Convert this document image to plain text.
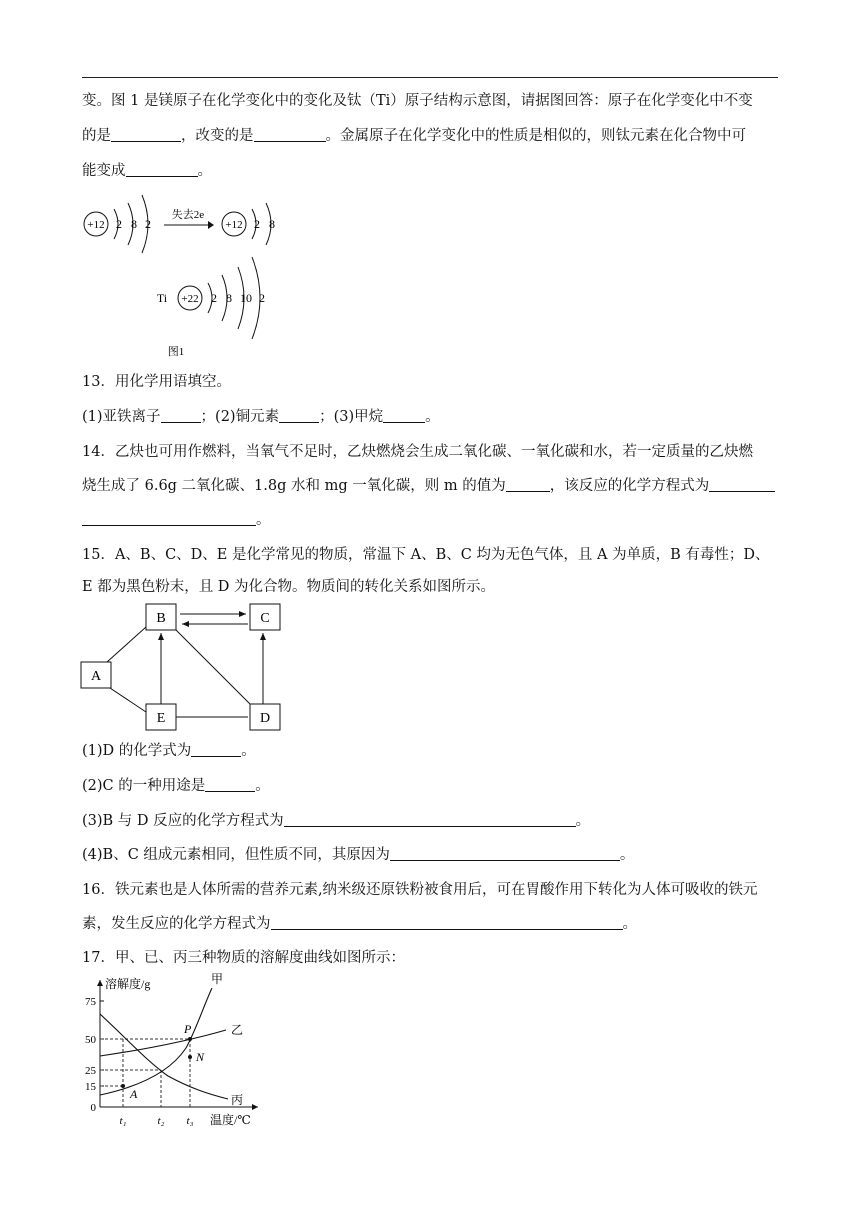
变。图 1 是镁原子在化学变化中的变化及钛（Ti）原子结构示意图，请据图回答：原子在化学变化中不变
的是	，改变的是	。金属原子在化学变化中的性质是相似的，则钛元素在化合物中可
能变成	。
+12 2 8 2
失去2e
+12 2 8
Ti +22 2 8 10 2
图1
13．用化学用语填空。
(1)亚铁离子	；(2)铜元素	；(3)甲烷	。
14．乙炔也可用作燃料，当氧气不足时，乙炔燃烧会生成二氧化碳、一氧化碳和水，若一定质量的乙炔燃
烧生成了 6.6g 二氧化碳、1.8g 水和 mg 一氧化碳，则 m 的值为	，该反应的化学方程式为
。
15．A、B、C、D、E 是化学常见的物质，常温下 A、B、C 均为无色气体，且 A 为单质，B 有毒性；D、
E 都为黑色粉末，且 D 为化合物。物质间的转化关系如图所示。
B	C
A
E	D
(1)D 的化学式为	。
(2)C 的一种用途是	。
(3)B 与 D 反应的化学方程式为	。
(4)B、C 组成元素相同，但性质不同，其原因为	。
16．铁元素也是人体所需的营养元素,纳米级还原铁粉被食用后，可在胃酸作用下转化为人体可吸收的铁元
素，发生反应的化学方程式为	。
17．甲、已、丙三种物质的溶解度曲线如图所示：
溶解度/g
温度/℃
75
50
25
15
0
t₁	t₂ t₃
甲
乙
丙
P
N
A
